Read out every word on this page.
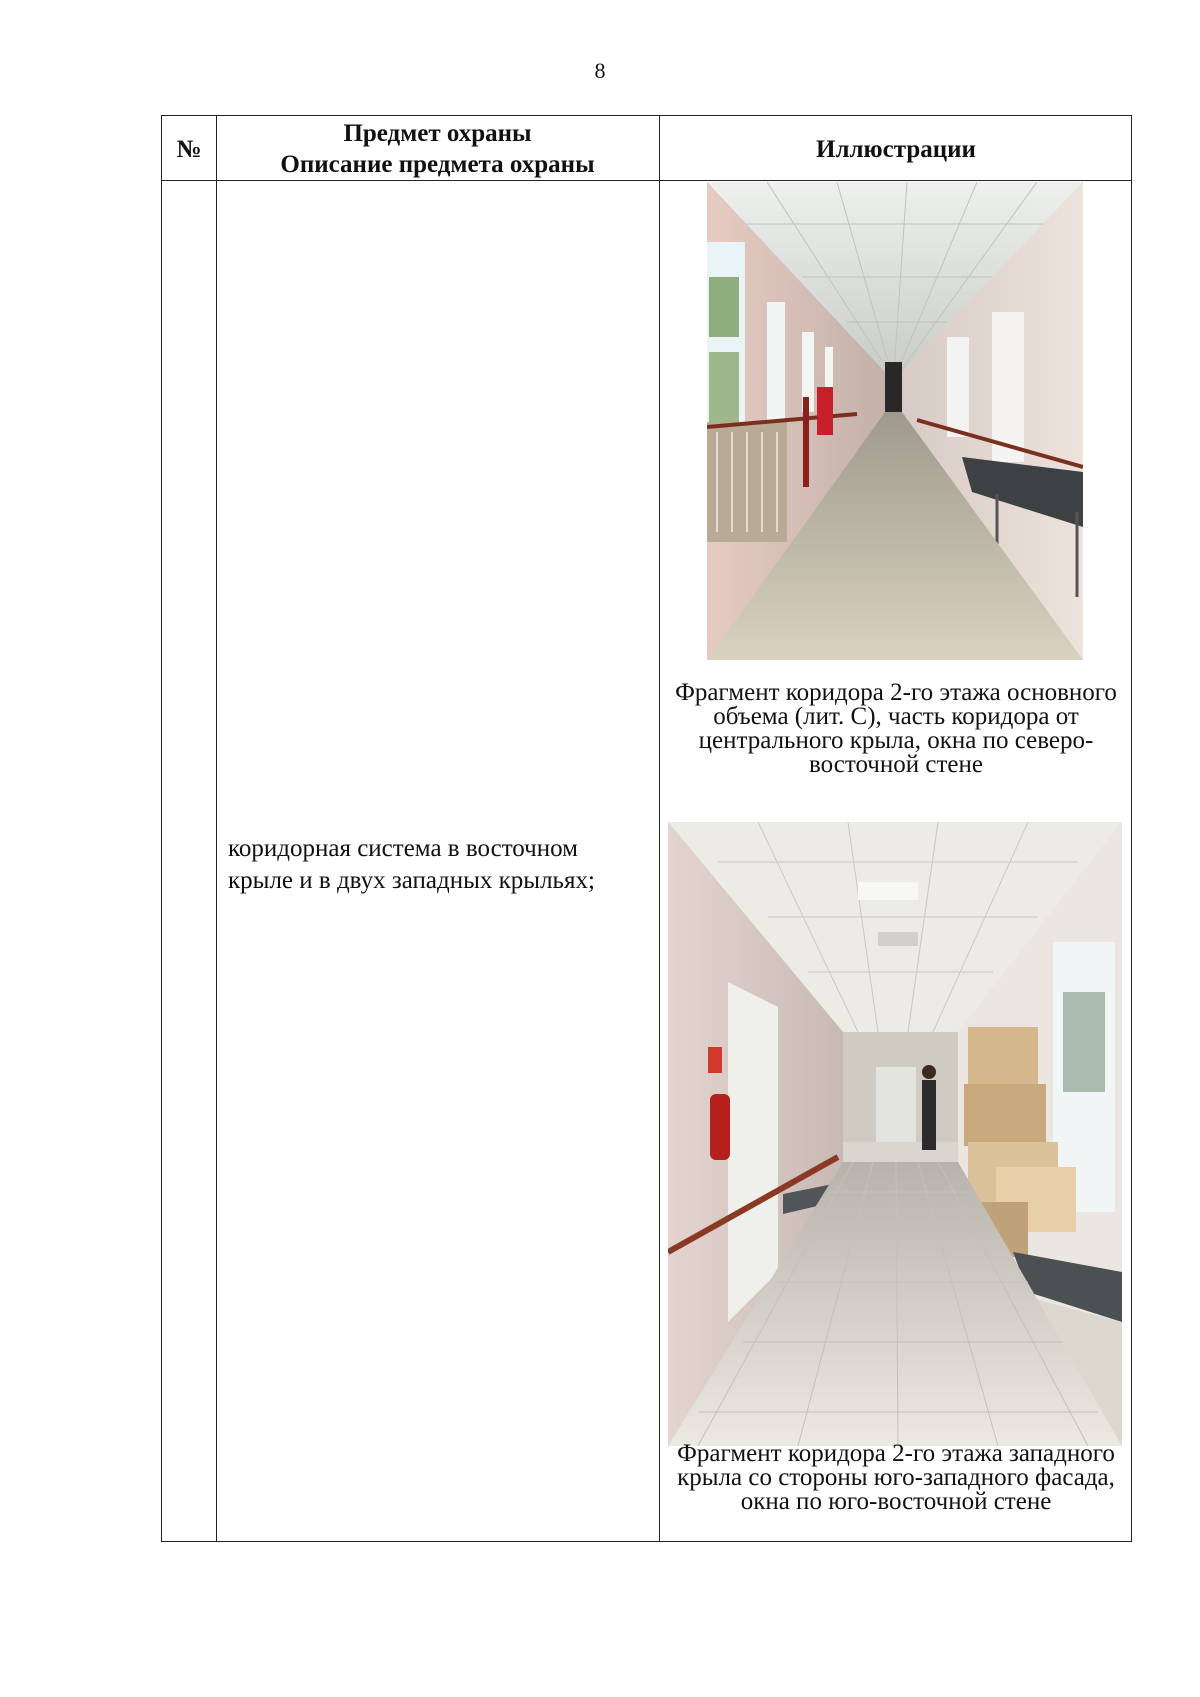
8
№
Предмет охраны
Описание предмета охраны
Иллюстрации
коридорная система в восточном крыле и в двух западных крыльях;
Фрагмент коридора 2-го этажа основного объема (лит. С), часть коридора от центрального крыла, окна по северо-восточной стене
Фрагмент коридора 2-го этажа западного крыла со стороны юго-западного фасада, окна по юго-восточной стене
